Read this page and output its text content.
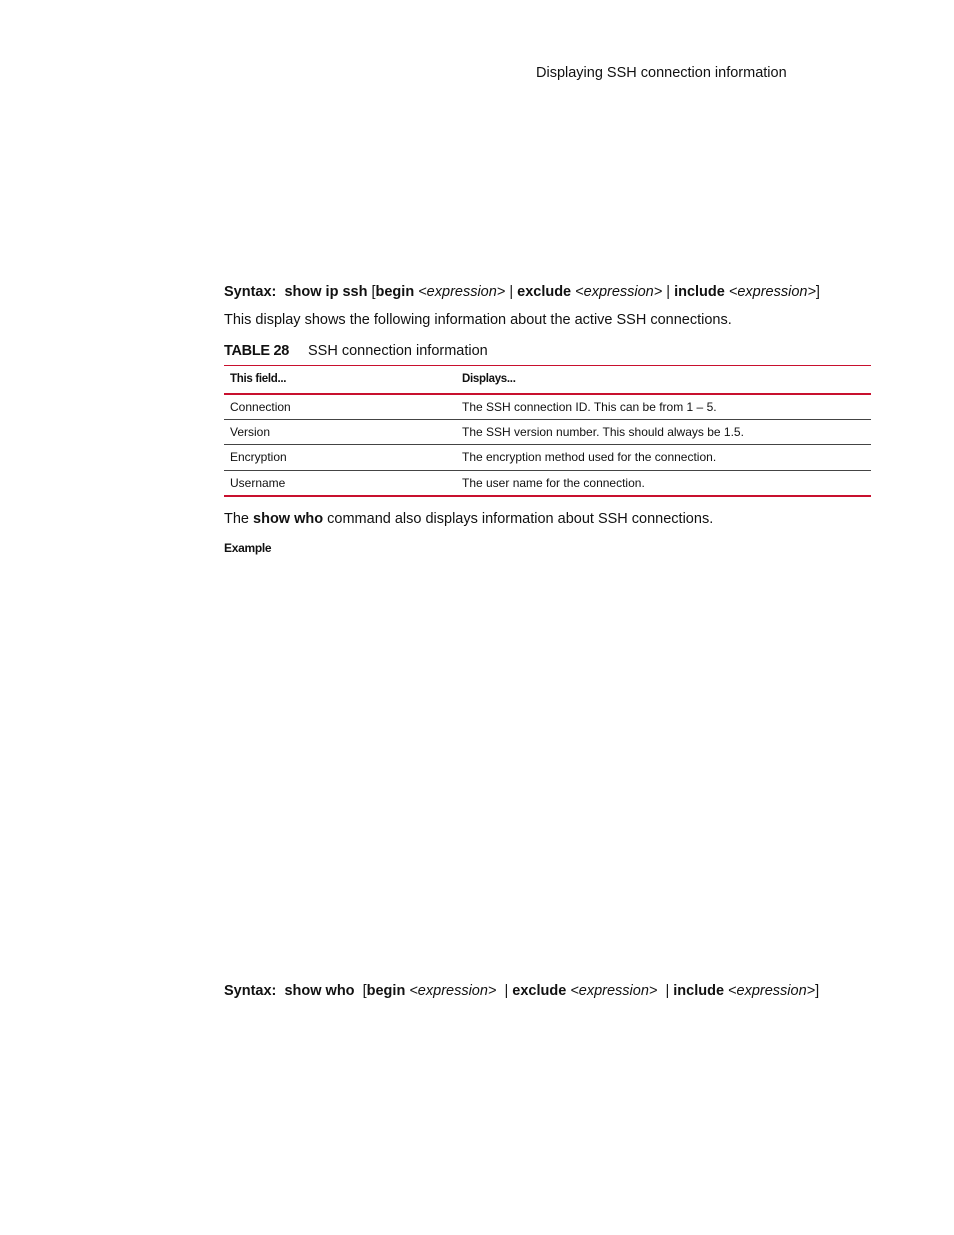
Displaying SSH connection information
Syntax: show ip ssh [begin <expression> | exclude <expression> | include <expression>]
This display shows the following information about the active SSH connections.
TABLE 28 SSH connection information
This field...	Displays...
Connection	The SSH connection ID. This can be from 1 – 5.
Version	The SSH version number. This should always be 1.5.
Encryption	The encryption method used for the connection.
Username	The user name for the connection.
The show who command also displays information about SSH connections.
Example
Syntax: show who [begin <expression> | exclude <expression> | include <expression>]
